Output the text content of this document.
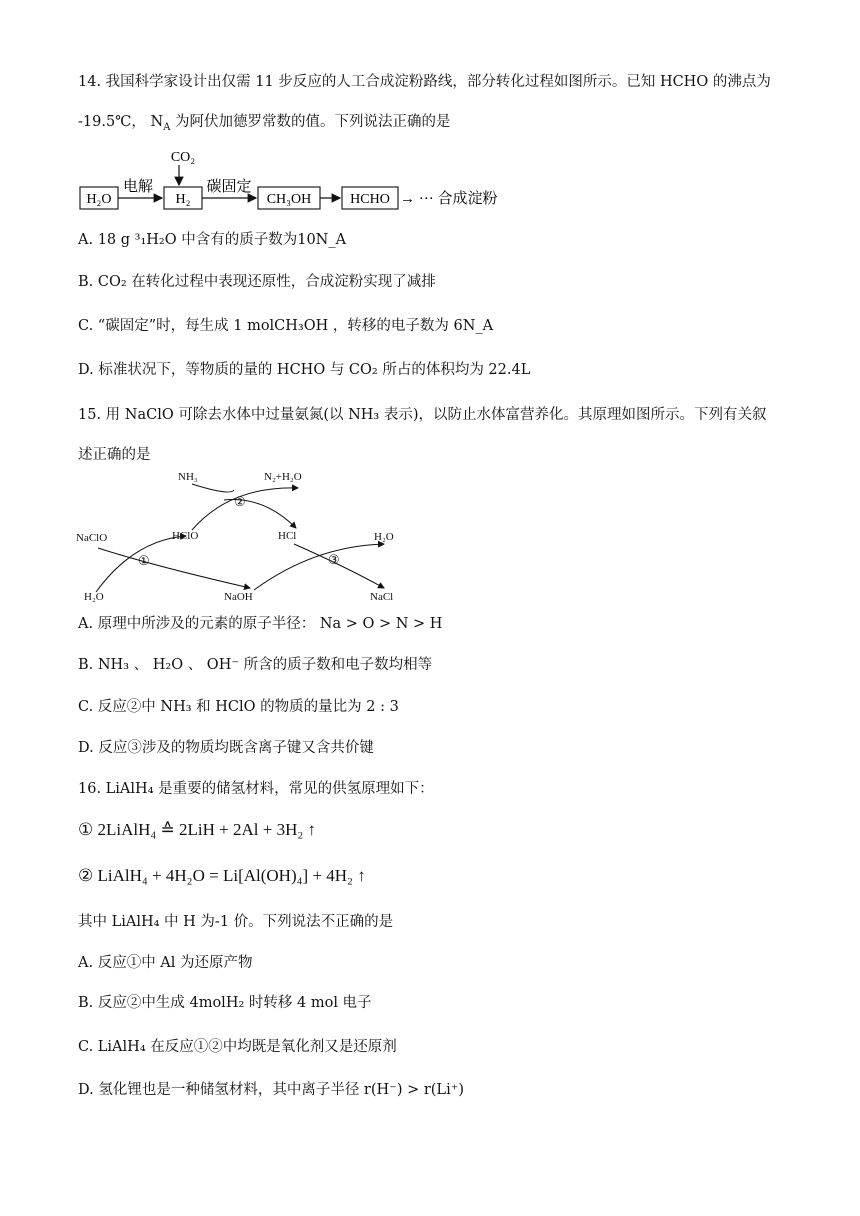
14. 我国科学家设计出仅需 11 步反应的人工合成淀粉路线，部分转化过程如图所示。已知 HCHO 的沸点为
-19.5℃， $N_A$ 为阿伏加德罗常数的值。下列说法正确的是
H₂O
电解
H₂
CO₂
碳固定
CH₃OH	HCHO → ··· 合成淀粉
A. 18 g ³₁H₂O 中含有的质子数为10N_A
B. CO₂ 在转化过程中表现还原性，合成淀粉实现了减排
C. “碳固定”时，每生成 1 molCH₃OH ，转移的电子数为 6N_A
D. 标准状况下，等物质的量的 HCHO 与 CO₂ 所占的体积均为 22.4L
15. 用 NaClO 可除去水体中过量氨氮(以 NH₃ 表示)，以防止水体富营养化。其原理如图所示。下列有关叙
述正确的是
NH₃	N₂+H₂O
②
NaClO	HClO	HCl	H₂O
③
①
H₂O	NaOH	NaCl
A. 原理中所涉及的元素的原子半径： Na > O > N > H
B. NH₃ 、 H₂O 、 OH⁻ 所含的质子数和电子数均相等
C. 反应②中 NH₃ 和 HClO 的物质的量比为 2 : 3
D. 反应③涉及的物质均既含离子键又含共价键
16. LiAlH₄ 是重要的储氢材料，常见的供氢原理如下：
① 2LiAlH₄ ≙ 2LiH + 2Al + 3H₂ ↑
② LiAlH₄ + 4H₂O = Li[Al(OH)₄] + 4H₂ ↑
其中 LiAlH₄ 中 H 为-1 价。下列说法不正确的是
A. 反应①中 Al 为还原产物
B. 反应②中生成 4molH₂ 时转移 4 mol 电子
C. LiAlH₄ 在反应①②中均既是氧化剂又是还原剂
D. 氢化锂也是一种储氢材料，其中离子半径 r(H⁻) > r(Li⁺)
